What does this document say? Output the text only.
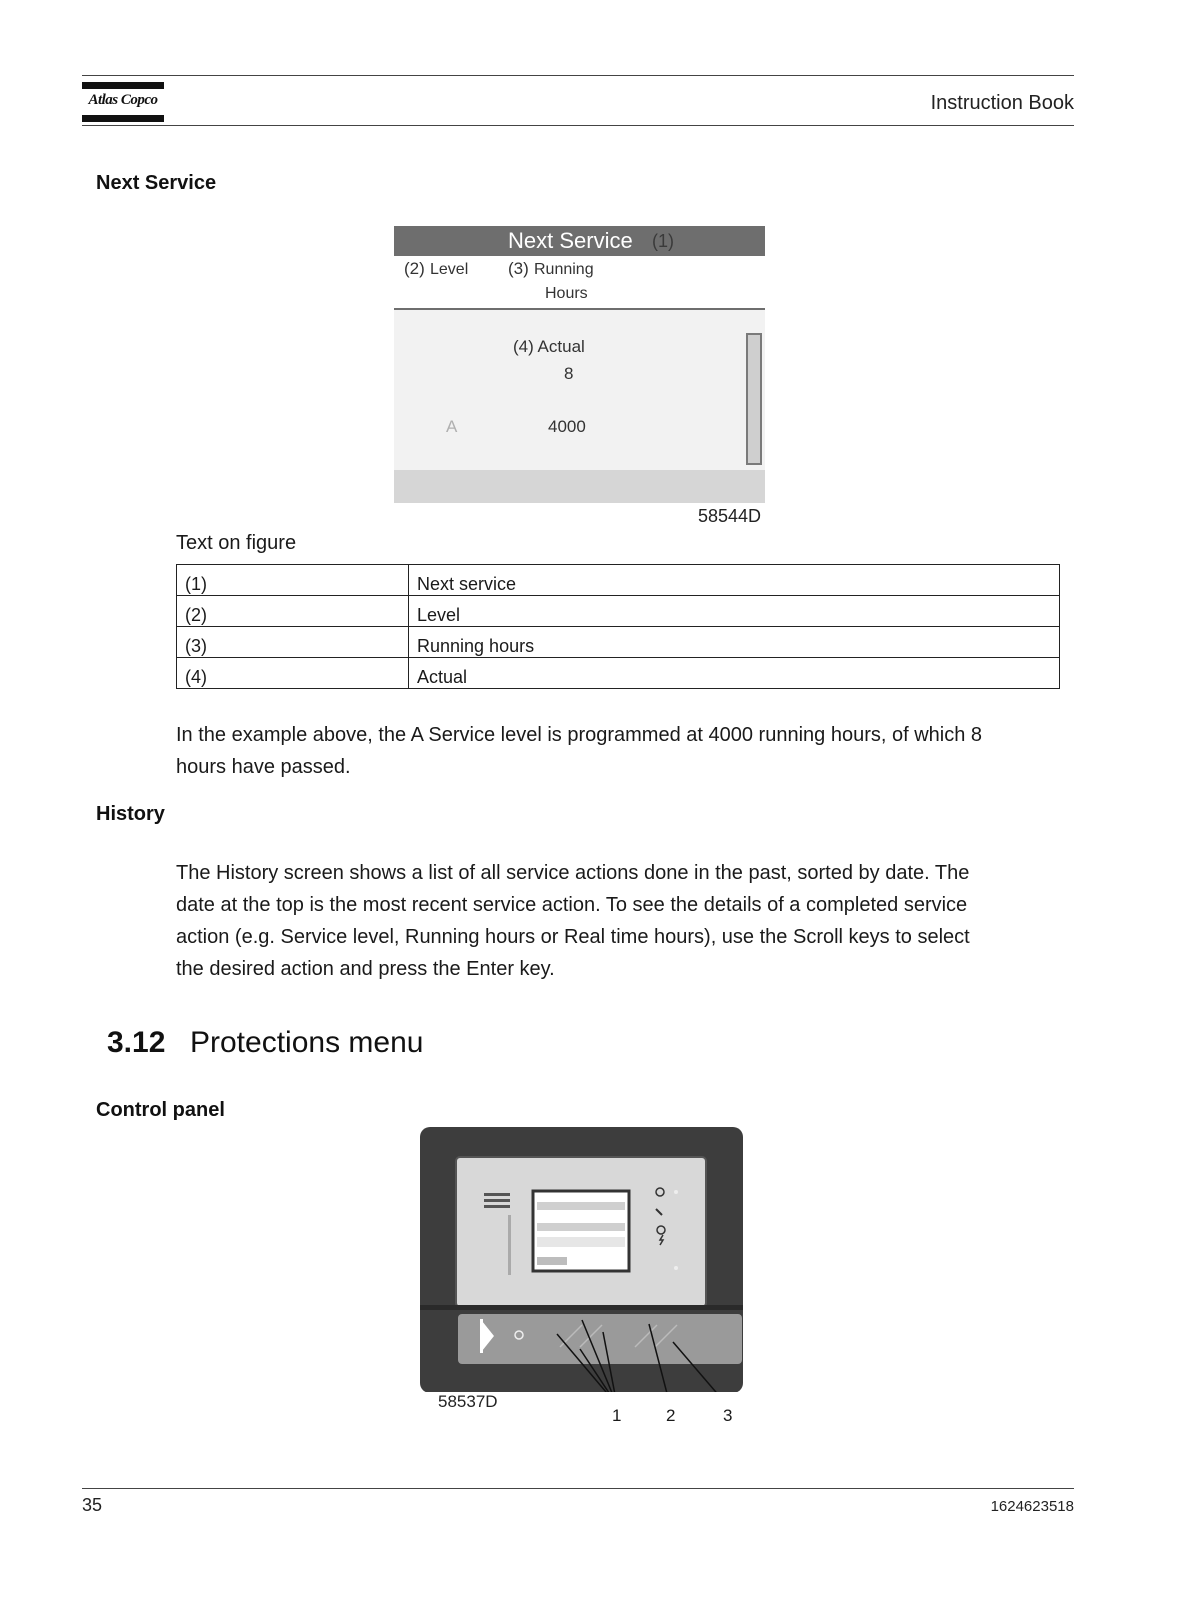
Atlas Copco	Instruction Book
Next Service
Next Service (1)
(2) Level (3) Running
Hours
(4) Actual
8
A	4000
58544D
Text on figure
(1)	Next service
(2)	Level
(3)	Running hours
(4)	Actual
In the example above, the A Service level is programmed at 4000 running hours, of which 8
hours have passed.
History
The History screen shows a list of all service actions done in the past, sorted by date. The
date at the top is the most recent service action. To see the details of a completed service
action (e.g. Service level, Running hours or Real time hours), use the Scroll keys to select
the desired action and press the Enter key.
3.12 Protections menu
Control panel
58537D
1	2	3
35	1624623518
